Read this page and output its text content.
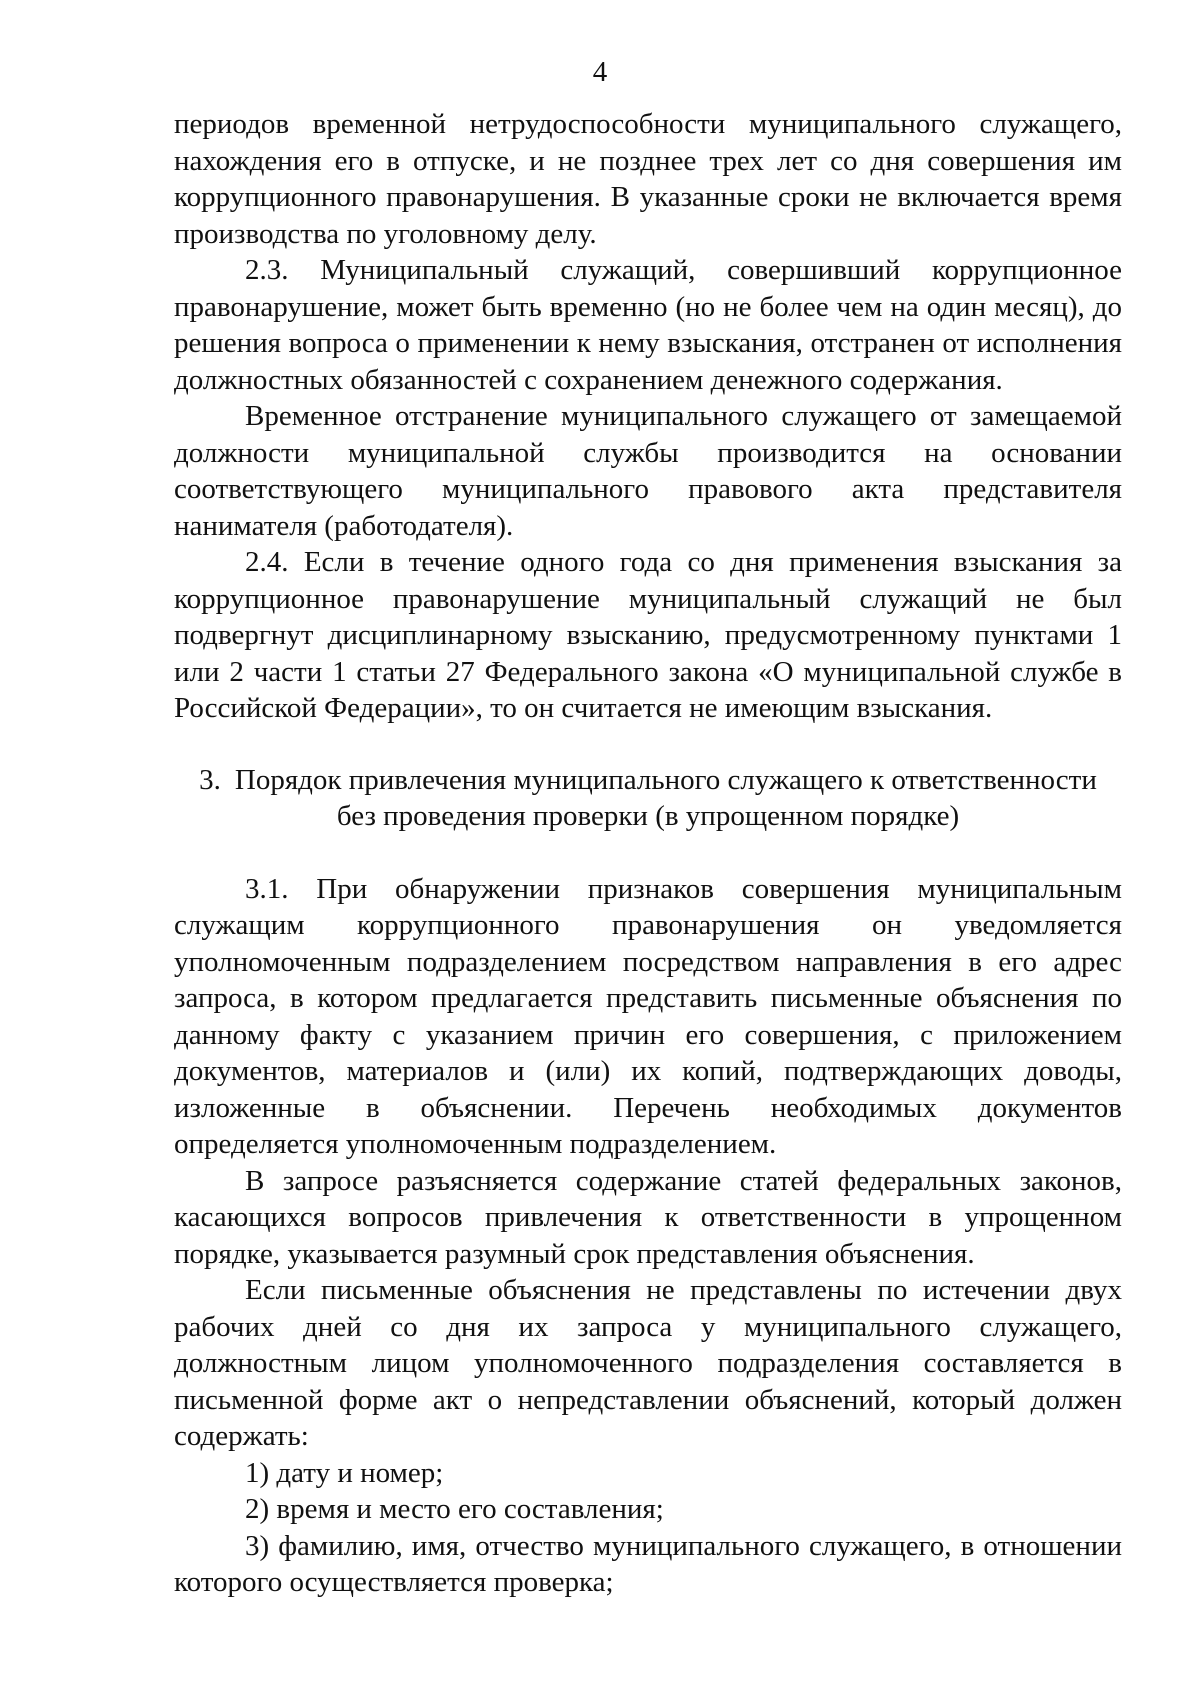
4

периодов временной нетрудоспособности муниципального служащего, нахождения его в отпуске, и не позднее трех лет со дня совершения им коррупционного правонарушения. В указанные сроки не включается время производства по уголовному делу.

2.3. Муниципальный служащий, совершивший коррупционное правонарушение, может быть временно (но не более чем на один месяц), до решения вопроса о применении к нему взыскания, отстранен от исполнения должностных обязанностей с сохранением денежного содержания.

Временное отстранение муниципального служащего от замещаемой должности муниципальной службы производится на основании соответствующего муниципального правового акта представителя нанимателя (работодателя).

2.4. Если в течение одного года со дня применения взыскания за коррупционное правонарушение муниципальный служащий не был подвергнут дисциплинарному взысканию, предусмотренному пунктами 1 или 2 части 1 статьи 27 Федерального закона «О муниципальной службе в Российской Федерации», то он считается не имеющим взыскания.

3. Порядок привлечения муниципального служащего к ответственности

без проведения проверки (в упрощенном порядке)

3.1. При обнаружении признаков совершения муниципальным служащим коррупционного правонарушения он уведомляется уполномоченным подразделением посредством направления в его адрес запроса, в котором предлагается представить письменные объяснения по данному факту с указанием причин его совершения, с приложением документов, материалов и (или) их копий, подтверждающих доводы, изложенные в объяснении. Перечень необходимых документов определяется уполномоченным подразделением.

В запросе разъясняется содержание статей федеральных законов, касающихся вопросов привлечения к ответственности в упрощенном порядке, указывается разумный срок представления объяснения.

Если письменные объяснения не представлены по истечении двух рабочих дней со дня их запроса у муниципального служащего, должностным лицом уполномоченного подразделения составляется в письменной форме акт о непредставлении объяснений, который должен содержать:

1) дату и номер;

2) время и место его составления;

3) фамилию, имя, отчество муниципального служащего, в отношении которого осуществляется проверка;
